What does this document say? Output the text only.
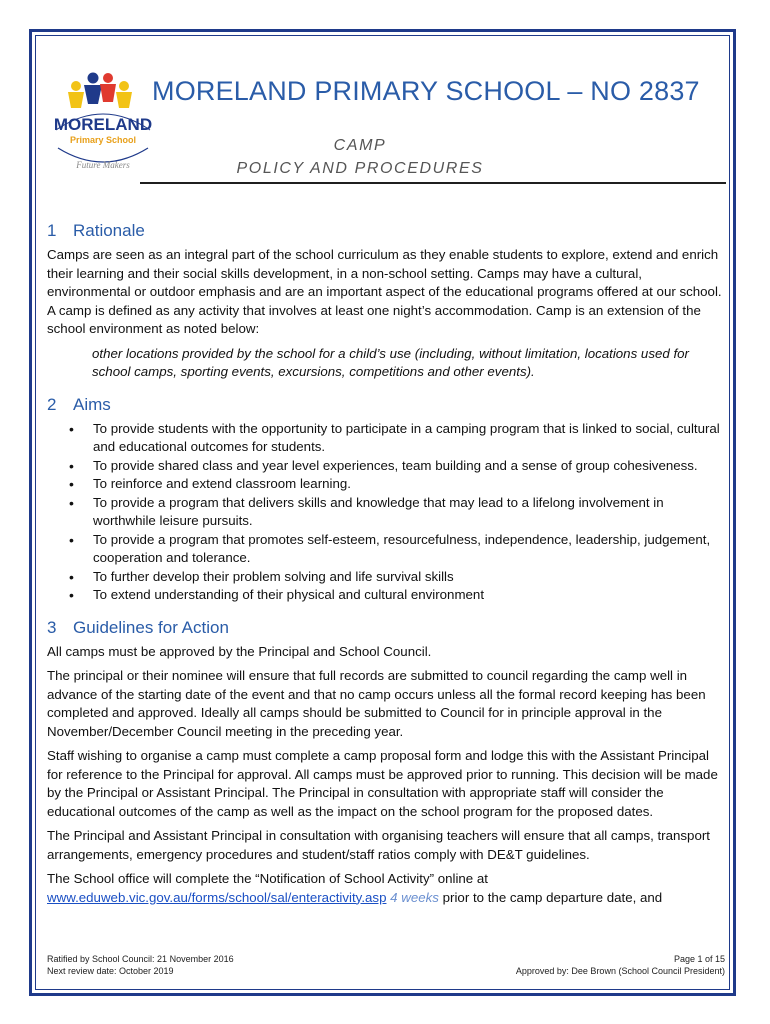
MORELAND
Primary School
Future Makers
MORELAND PRIMARY SCHOOL – NO 2837
CAMP
POLICY AND PROCEDURES
1 Rationale

Camps are seen as an integral part of the school curriculum as they enable students to explore, extend and enrich their learning and their social skills development, in a non-school setting. Camps may have a cultural, environmental or outdoor emphasis and are an important aspect of the educational programs offered at our school. A camp is defined as any activity that involves at least one night’s accommodation. Camp is an extension of the school environment as noted below:

other locations provided by the school for a child’s use (including, without limitation, locations used for school camps, sporting events, excursions, competitions and other events).

2 Aims
• To provide students with the opportunity to participate in a camping program that is linked to social, cultural and educational outcomes for students.
• To provide shared class and year level experiences, team building and a sense of group cohesiveness.
• To reinforce and extend classroom learning.
• To provide a program that delivers skills and knowledge that may lead to a lifelong involvement in worthwhile leisure pursuits.
• To provide a program that promotes self-esteem, resourcefulness, independence, leadership, judgement, cooperation and tolerance.
• To further develop their problem solving and life survival skills
• To extend understanding of their physical and cultural environment
3 Guidelines for Action

All camps must be approved by the Principal and School Council.

The principal or their nominee will ensure that full records are submitted to council regarding the camp well in advance of the starting date of the event and that no camp occurs unless all the formal record keeping has been completed and approved. Ideally all camps should be submitted to Council for in principle approval in the November/December Council meeting in the preceding year.

Staff wishing to organise a camp must complete a camp proposal form and lodge this with the Assistant Principal for reference to the Principal for approval. All camps must be approved prior to running. This decision will be made by the Principal or Assistant Principal. The Principal in consultation with appropriate staff will consider the educational outcomes of the camp as well as the impact on the school program for the proposed dates.

The Principal and Assistant Principal in consultation with organising teachers will ensure that all camps, transport arrangements, emergency procedures and student/staff ratios comply with DE&T guidelines.

The School office will complete the “Notification of School Activity” online at
www.eduweb.vic.gov.au/forms/school/sal/enteractivity.asp 4 weeks prior to the camp departure date, and

Ratified by School Council: 21 November 2016
Next review date: October 2019
Page 1 of 15
Approved by: Dee Brown (School Council President)
